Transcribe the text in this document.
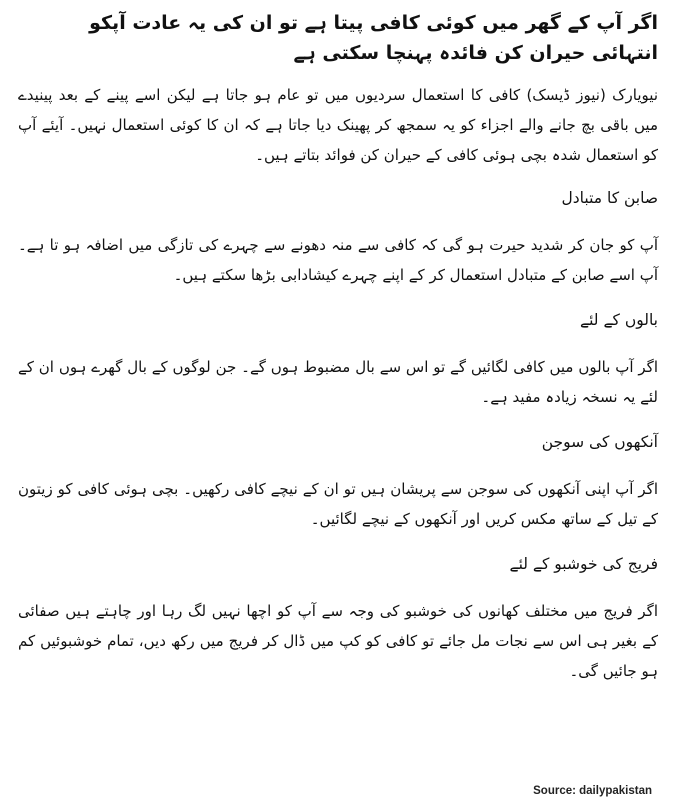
اگر آپ کے گھر میں کوئی کافی پیتا ہے تو ان کی یہ عادت آپکو انتہائی حیران کن فائدہ پہنچا سکتی ہے
نیویارک (نیوز ڈیسک) کافی کا استعمال سردیوں میں تو عام ہو جاتا ہے لیکن اسے پینے کے بعد پینیدے میں باقی بچ جانے والے اجزاء کو یہ سمجھ کر پھینک دیا جاتا ہے کہ ان کا کوئی استعمال نہیں۔ آیئے آپ کو استعمال شدہ بچی ہوئی کافی کے حیران کن فوائد بتاتے ہیں۔
صابن کا متبادل
آپ کو جان کر شدید حیرت ہو گی کہ کافی سے منہ دھونے سے چہرے کی تازگی میں اضافہ ہو تا ہے۔ آپ اسے صابن کے متبادل استعمال کر کے اپنے چہرے کیشادابی بڑھا سکتے ہیں۔
بالوں کے لئے
اگر آپ بالوں میں کافی لگائیں گے تو اس سے بال مضبوط ہوں گے۔ جن لوگوں کے بال گھرے ہوں ان کے لئے یہ نسخہ زیادہ مفید ہے۔
آنکھوں کی سوجن
اگر آپ اپنی آنکھوں کی سوجن سے پریشان ہیں تو ان کے نیچے کافی رکھیں۔ بچی ہوئی کافی کو زیتون کے تیل کے ساتھ مکس کریں اور آنکھوں کے نیچے لگائیں۔
فریج کی خوشبو کے لئے
اگر فریج میں مختلف کھانوں کی خوشبو کی وجہ سے آپ کو اچھا نہیں لگ رہا اور چاہتے ہیں صفائی کے بغیر ہی اس سے نجات مل جائے تو کافی کو کپ میں ڈال کر فریج میں رکھ دیں، تمام خوشبوئیں کم ہو جائیں گی۔
Source: dailypakistan
